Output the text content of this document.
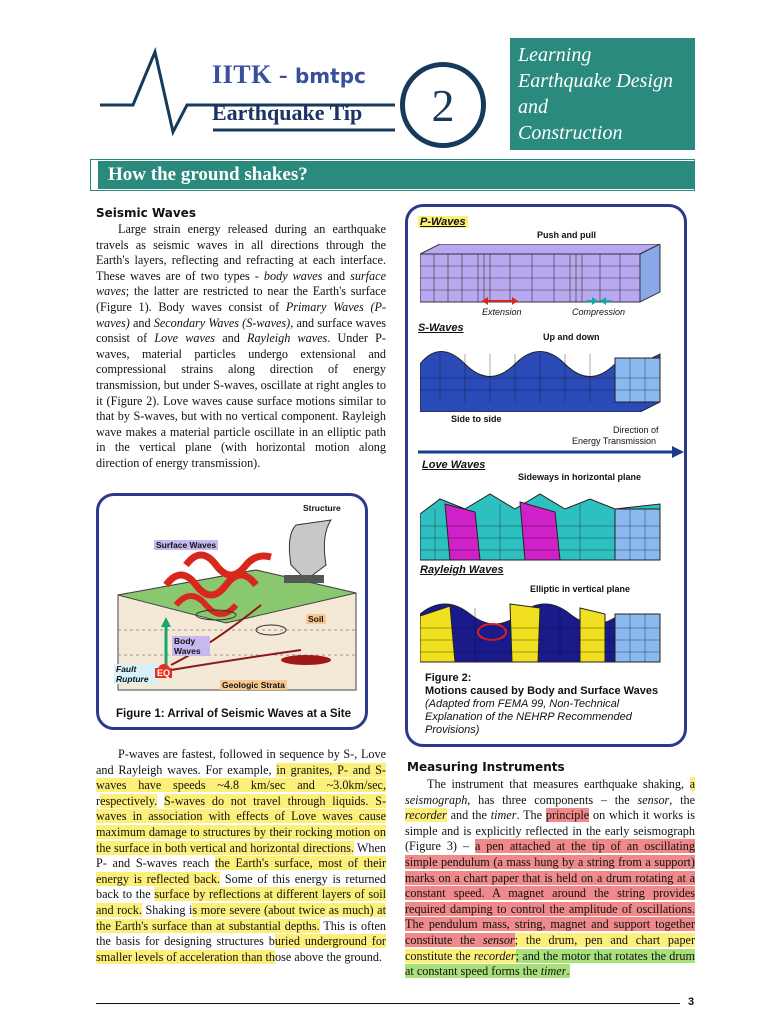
IITK - bmtpc
Earthquake Tip	2
Learning
Earthquake Design
and
Construction
How the ground shakes?
Seismic Waves
Large strain energy released during an earthquake travels as seismic waves in all directions through the Earth's layers, reflecting and refracting at each interface. These waves are of two types - body waves and surface waves; the latter are restricted to near the Earth's surface (Figure 1). Body waves consist of Primary Waves (P-waves) and Secondary Waves (S-waves), and surface waves consist of Love waves and Rayleigh waves. Under P-waves, material particles undergo extensional and compressional strains along direction of energy transmission, but under S-waves, oscillate at right angles to it (Figure 2). Love waves cause surface motions similar to that by S-waves, but with no vertical component. Rayleigh wave makes a material particle oscillate in an elliptic path in the vertical plane (with horizontal motion along direction of energy transmission).
Structure
Surface Waves
Soil
Body Waves
Fault Rupture
EQ
Geologic Strata
Figure 1: Arrival of Seismic Waves at a Site
P-waves are fastest, followed in sequence by S-, Love and Rayleigh waves. For example, in granites, P- and S-waves have speeds ~4.8 km/sec and ~3.0km/sec, respectively. S-waves do not travel through liquids. S-waves in association with effects of Love waves cause maximum damage to structures by their rocking motion on the surface in both vertical and horizontal directions. When P- and S-waves reach the Earth's surface, most of their energy is reflected back. Some of this energy is returned back to the surface by reflections at different layers of soil and rock. Shaking is more severe (about twice as much) at the Earth's surface than at substantial depths. This is often the basis for designing structures buried underground for smaller levels of acceleration than those above the ground.
P-Waves
Push and pull
Extension	Compression
S-Waves
Up and down
Side to side
Direction of
Energy Transmission
Love Waves
Sideways in horizontal plane
Rayleigh Waves
Elliptic in vertical plane
Figure 2:
Motions caused by Body and Surface Waves
(Adapted from FEMA 99, Non-Technical Explanation of the NEHRP Recommended Provisions)
Measuring Instruments
The instrument that measures earthquake shaking, a seismograph, has three components – the sensor, the recorder and the timer. The principle on which it works is simple and is explicitly reflected in the early seismograph (Figure 3) – a pen attached at the tip of an oscillating simple pendulum (a mass hung by a string from a support) marks on a chart paper that is held on a drum rotating at a constant speed. A magnet around the string provides required damping to control the amplitude of oscillations. The pendulum mass, string, magnet and support together constitute the sensor; the drum, pen and chart paper constitute the recorder; and the motor that rotates the drum at constant speed forms the timer.
3
